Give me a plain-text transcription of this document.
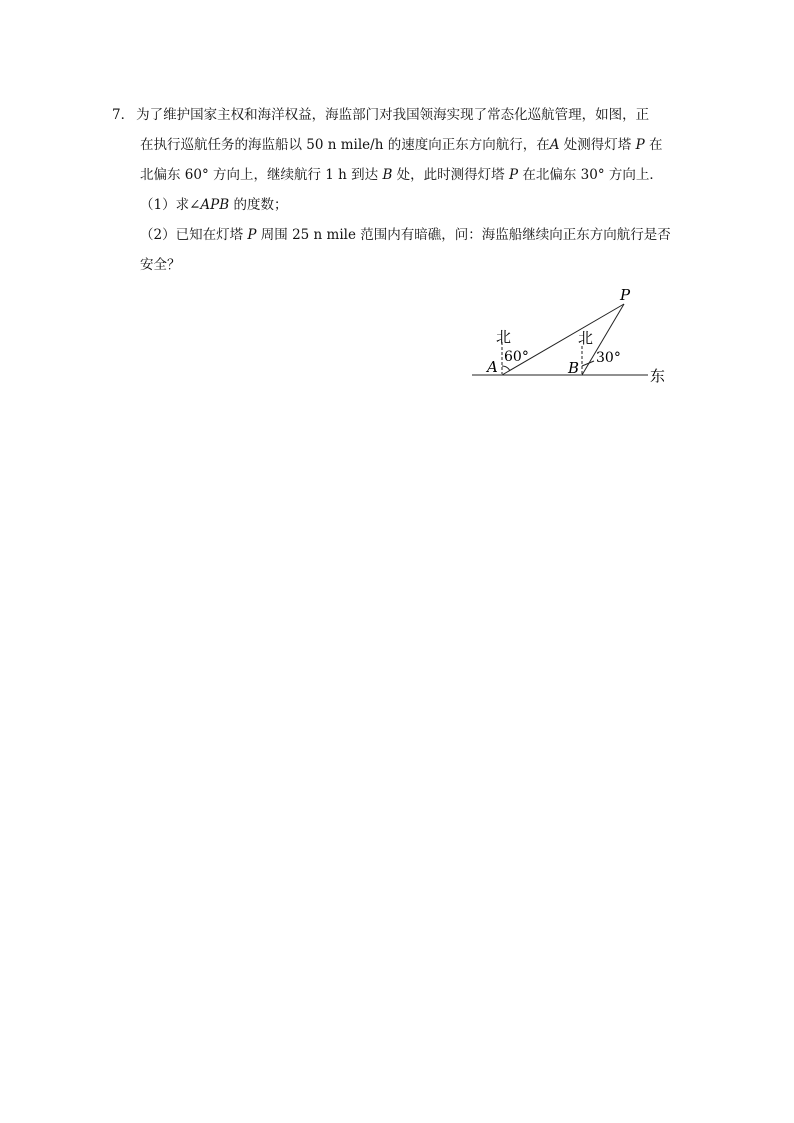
7． 为了维护国家主权和海洋权益，海监部门对我国领海实现了常态化巡航管理，如图，正
在执行巡航任务的海监船以 50 n mile/h 的速度向正东方向航行，在A 处测得灯塔 P 在
北偏东 60° 方向上，继续航行 1 h 到达 B 处，此时测得灯塔 P 在北偏东 30° 方向上．
（1）求∠APB 的度数；
（2）已知在灯塔 P 周围 25 n mile 范围内有暗礁，问：海监船继续向正东方向航行是否
安全？
P
A	B
北	北
60°	30°
东
